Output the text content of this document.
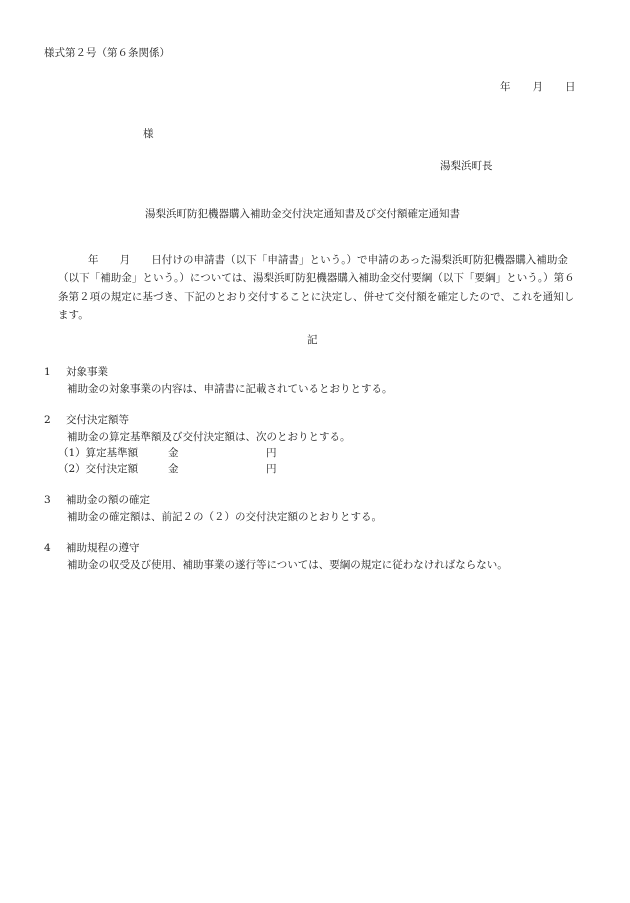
様式第２号（第６条関係）
年 月 日
様
湯梨浜町長
湯梨浜町防犯機器購入補助金交付決定通知書及び交付額確定通知書
年　　月　　日付けの申請書（以下「申請書」という。）で申請のあった湯梨浜町防犯機器購入補助金（以下「補助金」という。）については、湯梨浜町防犯機器購入補助金交付要綱（以下「要綱」という。）第６条第２項の規定に基づき、下記のとおり交付することに決定し、併せて交付額を確定したので、これを通知します。
記
1 対象事業
補助金の対象事業の内容は、申請書に記載されているとおりとする。
2 交付決定額等
補助金の算定基準額及び交付決定額は、次のとおりとする。
（1）算定基準額	金	円
（2）交付決定額	金	円
3 補助金の額の確定
補助金の確定額は、前記２の（２）の交付決定額のとおりとする。
4 補助規程の遵守
補助金の収受及び使用、補助事業の遂行等については、要綱の規定に従わなければならない。
